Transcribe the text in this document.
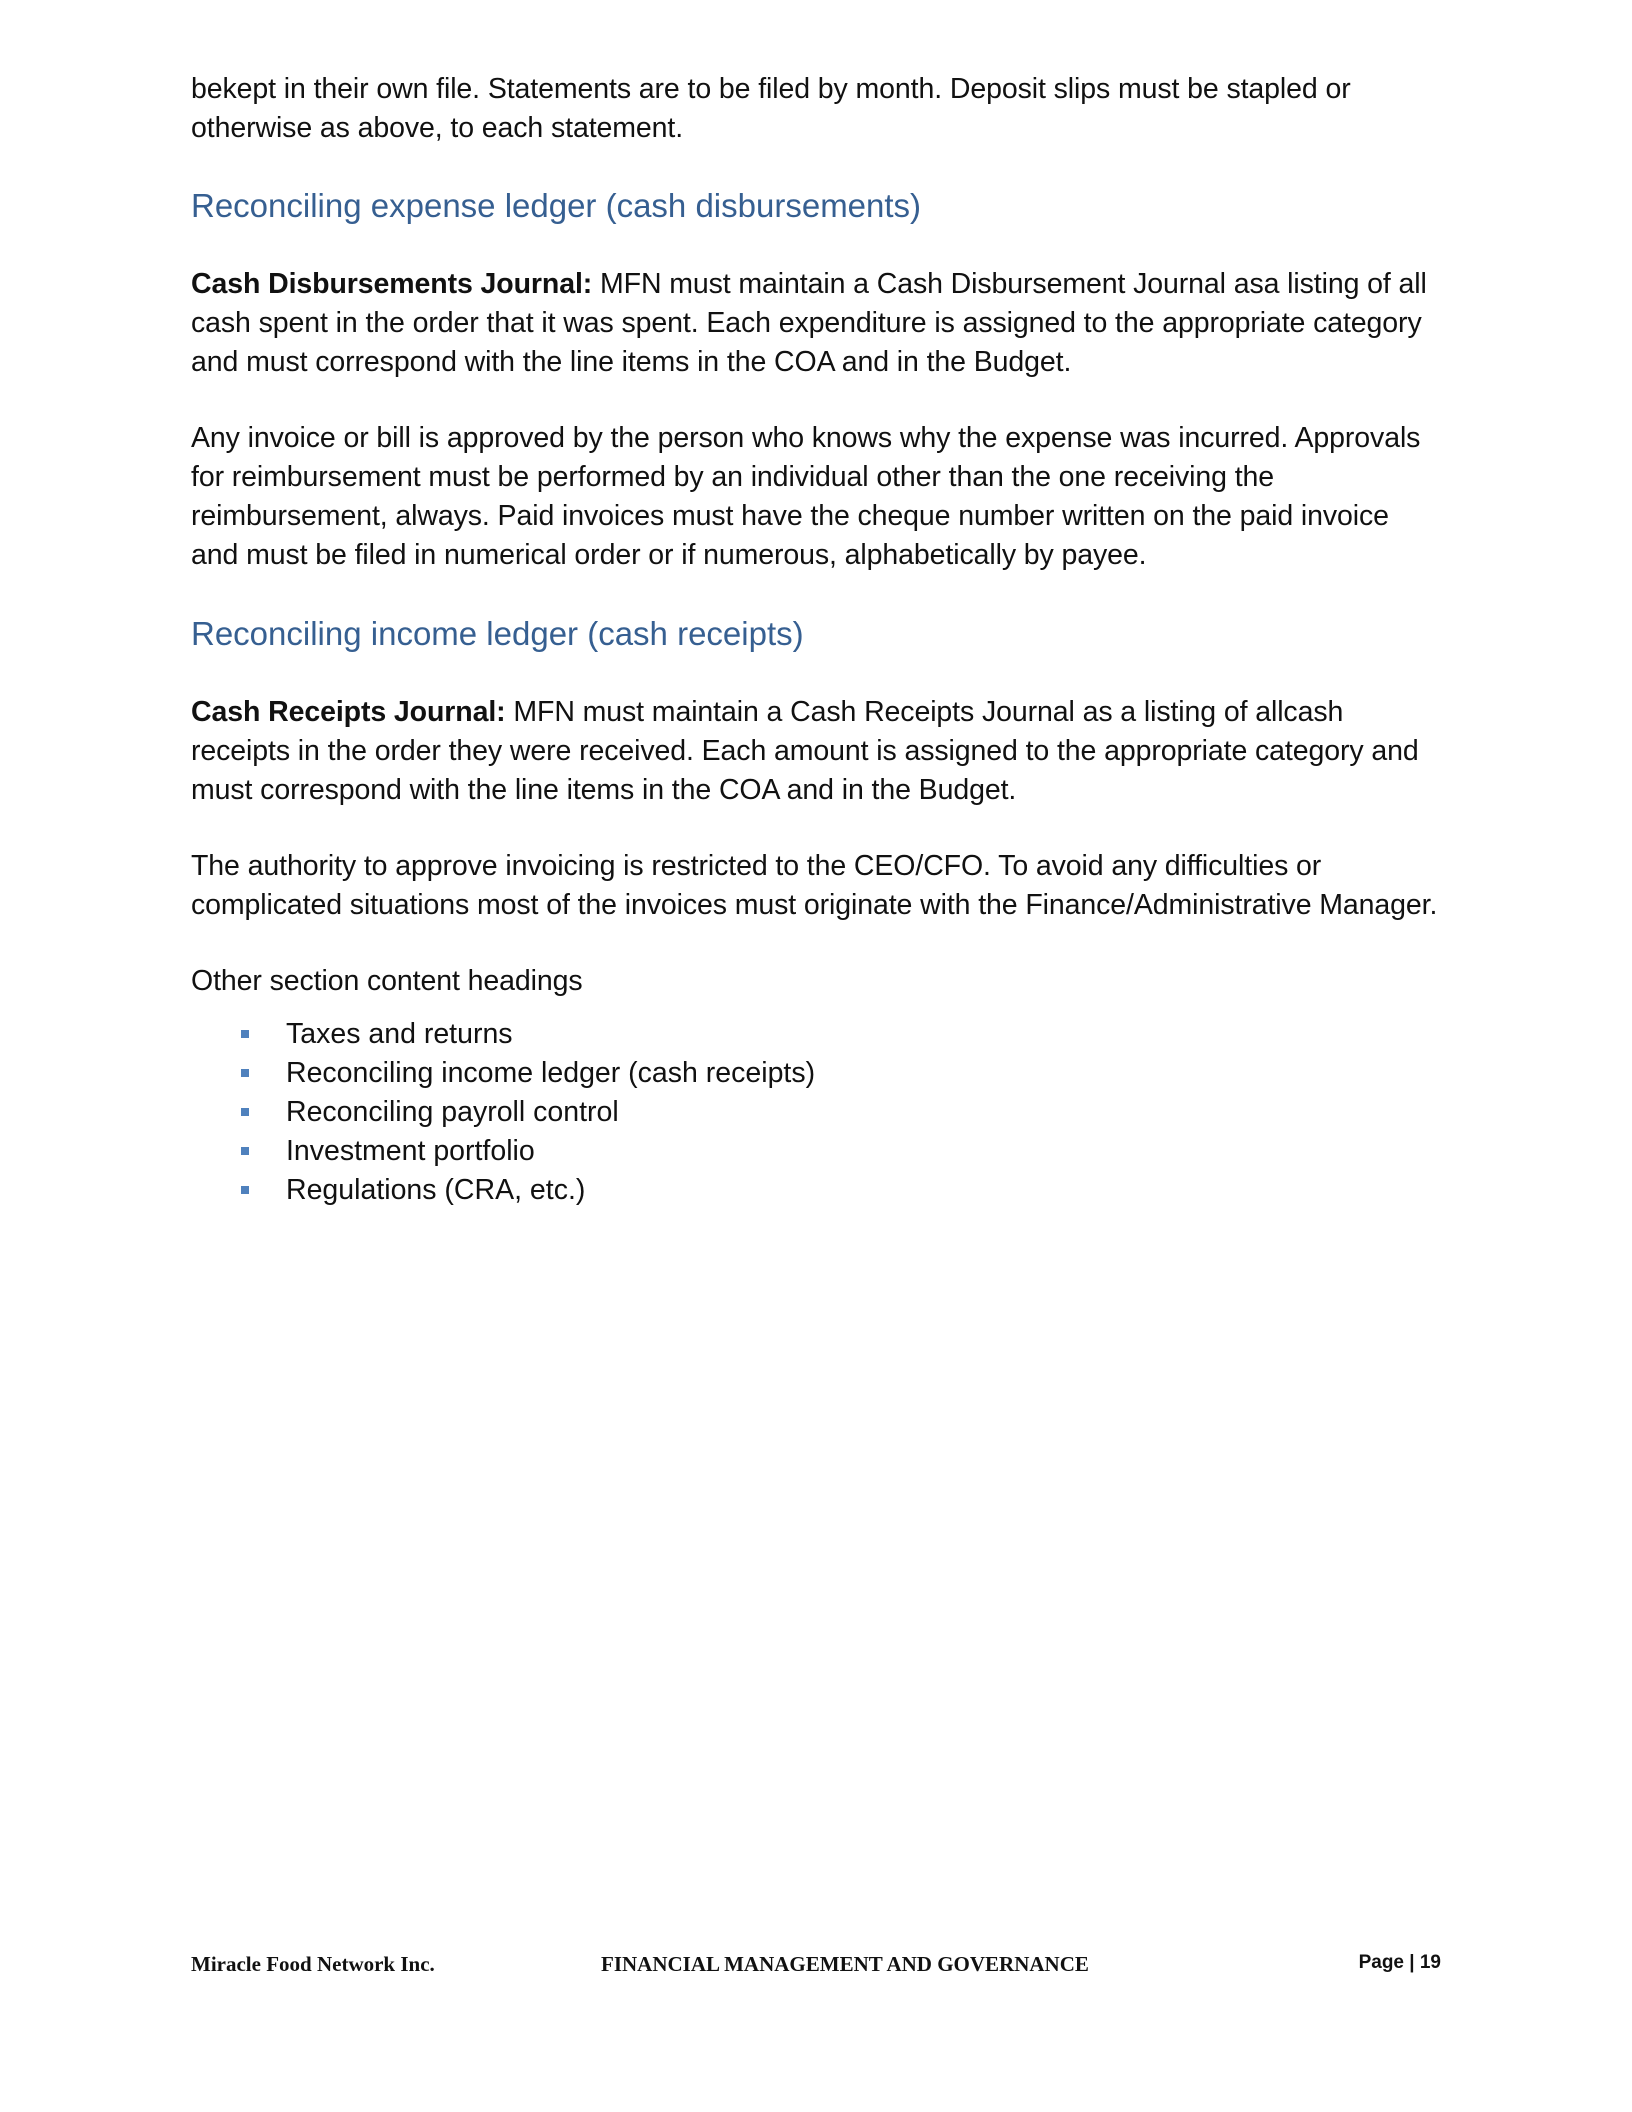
bekept in their own file. Statements are to be filed by month. Deposit slips must be stapled or otherwise as above, to each statement.

Reconciling expense ledger (cash disbursements)

Cash Disbursements Journal: MFN must maintain a Cash Disbursement Journal asa listing of all cash spent in the order that it was spent. Each expenditure is assigned to the appropriate category and must correspond with the line items in the COA and in the Budget.

Any invoice or bill is approved by the person who knows why the expense was incurred. Approvals for reimbursement must be performed by an individual other than the one receiving the reimbursement, always. Paid invoices must have the cheque number written on the paid invoice and must be filed in numerical order or if numerous, alphabetically by payee.

Reconciling income ledger (cash receipts)

Cash Receipts Journal: MFN must maintain a Cash Receipts Journal as a listing of allcash receipts in the order they were received. Each amount is assigned to the appropriate category and must correspond with the line items in the COA and in the Budget.

The authority to approve invoicing is restricted to the CEO/CFO. To avoid any difficulties or complicated situations most of the invoices must originate with the Finance/Administrative Manager.

Other section content headings

Taxes and returns
Reconciling income ledger (cash receipts)
Reconciling payroll control
Investment portfolio
Regulations (CRA, etc.)
Miracle Food Network Inc.	FINANCIAL MANAGEMENT AND GOVERNANCE	Page | 19
